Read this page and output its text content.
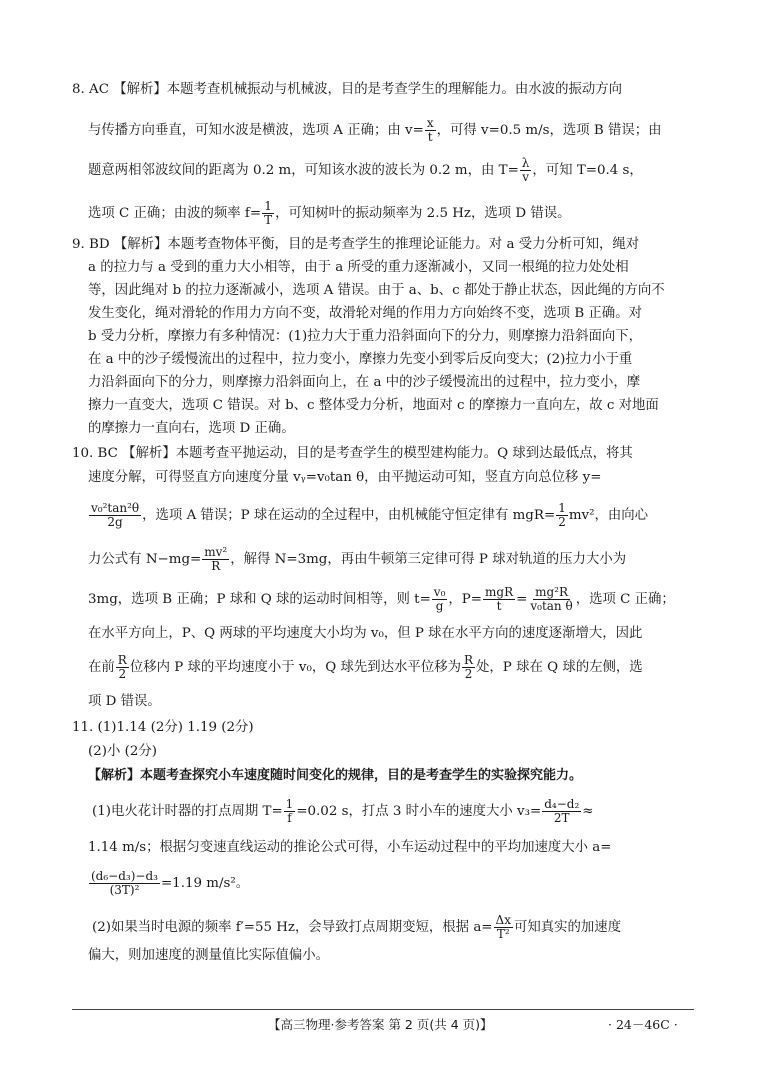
8. AC 【解析】本题考查机械振动与机械波，目的是考查学生的理解能力。由水波的振动方向
与传播方向垂直，可知水波是横波，选项 A 正确；由 $v= \frac{x}{t}$ ，可得 v=0.5 m/s，选项 B 错误；由
题意两相邻波纹间的距离为 0.2 m，可知该水波的波长为 0.2 m，由 $T= \frac{\lambda}{v}$ ，可知 T=0.4 s，
选项 C 正确；由波的频率 $f= \frac{1}{T}$ ，可知树叶的振动频率为 2.5 Hz，选项 D 错误。
9. BD 【解析】本题考查物体平衡，目的是考查学生的推理论证能力。对 a 受力分析可知，绳对
a 的拉力与 a 受到的重力大小相等，由于 a 所受的重力逐渐减小，又同一根绳的拉力处处相
等，因此绳对 b 的拉力逐渐减小，选项 A 错误。由于 a、b、c 都处于静止状态，因此绳的方向不
发生变化，绳对滑轮的作用力方向不变，故滑轮对绳的作用力方向始终不变，选项 B 正确。对
b 受力分析，摩擦力有多种情况：(1)拉力大于重力沿斜面向下的分力，则摩擦力沿斜面向下，
在 a 中的沙子缓慢流出的过程中，拉力变小，摩擦力先变小到零后反向变大；(2)拉力小于重
力沿斜面向下的分力，则摩擦力沿斜面向上，在 a 中的沙子缓慢流出的过程中，拉力变小，摩
擦力一直变大，选项 C 错误。对 b、c 整体受力分析，地面对 c 的摩擦力一直向左，故 c 对地面
的摩擦力一直向右，选项 D 正确。
10. BC 【解析】本题考查平抛运动，目的是考查学生的模型建构能力。Q 球到达最低点，将其
速度分解，可得竖直方向速度分量 vᵧ=v₀tan θ，由平抛运动可知，竖直方向总位移 y=
$\frac{\text{v₀²tan²θ}}{2g}$ ，选项 A 错误；P 球在运动的全过程中，由机械能守恒定律有 $mgR= \frac{1}{2} mv^2$，由向心
力公式有 $N-mg= \frac{\text{mv²}}{R}$ ，解得 N=3mg，再由牛顿第三定律可得 P 球对轨道的压力大小为
3mg，选项 B 正确；P 球和 Q 球的运动时间相等，则 $t= \frac{\text{v₀}}{g}$ ，$P= \frac{\text{mgR}}{t} = \frac{\text{mg²R}}{\text{v₀tan θ}}$ ，选项 C 正确；
在水平方向上，P、Q 两球的平均速度大小均为 v₀，但 P 球在水平方向的速度逐渐增大，因此
在前 $\frac{R}{2}$ 位移内 P 球的平均速度小于 v₀，Q 球先到达水平位移为 $\frac{R}{2}$ 处，P 球在 Q 球的左侧，选
项 D 错误。
11. (1)1.14 (2分) 1.19 (2分)
(2)小 (2分)
【解析】本题考查探究小车速度随时间变化的规律，目的是考查学生的实验探究能力。
(1)电火花计时器的打点周期 $T= \frac{1}{f} =0.02$ s，打点 3 时小车的速度大小 $v_3= \frac{\text{d₄−d₂}}{2T}$ ≈
1.14 m/s；根据匀变速直线运动的推论公式可得，小车运动过程中的平均加速度大小 a=
$\frac{\text{(d₆−d₃)−d₃}}{\text{(3T)²}} =1.19$ m/s²。
(2)如果当时电源的频率 f′=55 Hz，会导致打点周期变短，根据 $a= \frac{\Delta x}{\text{T²}}$ 可知真实的加速度
偏大，则加速度的测量值比实际值偏小。
【高三物理·参考答案 第 2 页(共 4 页)】	· 24－46C ·
